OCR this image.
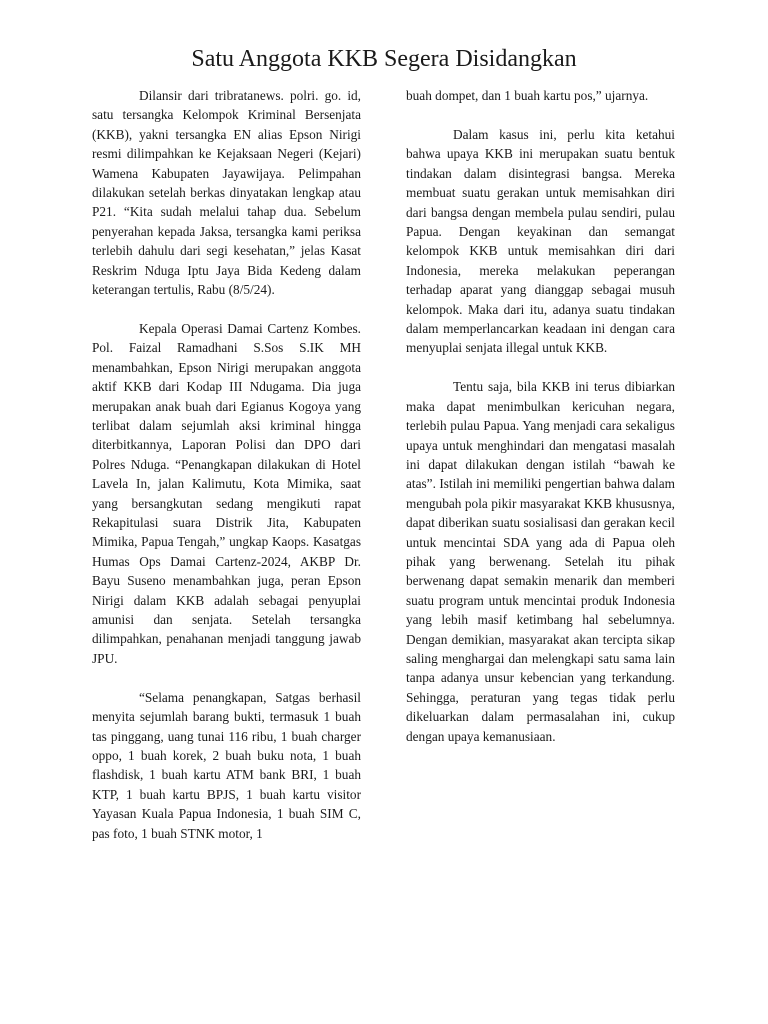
Satu Anggota KKB Segera Disidangkan

Dilansir dari tribratanews. polri. go. id, satu tersangka Kelompok Kriminal Bersenjata (KKB), yakni tersangka EN alias Epson Nirigi resmi dilimpahkan ke Kejaksaan Negeri (Kejari) Wamena Kabupaten Jayawijaya. Pelimpahan dilakukan setelah berkas dinyatakan lengkap atau P21. “Kita sudah melalui tahap dua. Sebelum penyerahan kepada Jaksa, tersangka kami periksa terlebih dahulu dari segi kesehatan,” jelas Kasat Reskrim Nduga Iptu Jaya Bida Kedeng dalam keterangan tertulis, Rabu (8/5/24).

Kepala Operasi Damai Cartenz Kombes. Pol. Faizal Ramadhani S.Sos S.IK MH menambahkan, Epson Nirigi merupakan anggota aktif KKB dari Kodap III Ndugama. Dia juga merupakan anak buah dari Egianus Kogoya yang terlibat dalam sejumlah aksi kriminal hingga diterbitkannya, Laporan Polisi dan DPO dari Polres Nduga. “Penangkapan dilakukan di Hotel Lavela In, jalan Kalimutu, Kota Mimika, saat yang bersangkutan sedang mengikuti rapat Rekapitulasi suara Distrik Jita, Kabupaten Mimika, Papua Tengah,” ungkap Kaops. Kasatgas Humas Ops Damai Cartenz-2024, AKBP Dr. Bayu Suseno menambahkan juga, peran Epson Nirigi dalam KKB adalah sebagai penyuplai amunisi dan senjata. Setelah tersangka dilimpahkan, penahanan menjadi tanggung jawab JPU.

“Selama penangkapan, Satgas berhasil menyita sejumlah barang bukti, termasuk 1 buah tas pinggang, uang tunai 116 ribu, 1 buah charger oppo, 1 buah korek, 2 buah buku nota, 1 buah flashdisk, 1 buah kartu ATM bank BRI, 1 buah KTP, 1 buah kartu BPJS, 1 buah kartu visitor Yayasan Kuala Papua Indonesia, 1 buah SIM C, pas foto, 1 buah STNK motor, 1

buah dompet, dan 1 buah kartu pos,” ujarnya.

Dalam kasus ini, perlu kita ketahui bahwa upaya KKB ini merupakan suatu bentuk tindakan dalam disintegrasi bangsa. Mereka membuat suatu gerakan untuk memisahkan diri dari bangsa dengan membela pulau sendiri, pulau Papua. Dengan keyakinan dan semangat kelompok KKB untuk memisahkan diri dari Indonesia, mereka melakukan peperangan terhadap aparat yang dianggap sebagai musuh kelompok. Maka dari itu, adanya suatu tindakan dalam memperlancarkan keadaan ini dengan cara menyuplai senjata illegal untuk KKB.

Tentu saja, bila KKB ini terus dibiarkan maka dapat menimbulkan kericuhan negara, terlebih pulau Papua. Yang menjadi cara sekaligus upaya untuk menghindari dan mengatasi masalah ini dapat dilakukan dengan istilah “bawah ke atas”. Istilah ini memiliki pengertian bahwa dalam mengubah pola pikir masyarakat KKB khususnya, dapat diberikan suatu sosialisasi dan gerakan kecil untuk mencintai SDA yang ada di Papua oleh pihak yang berwenang. Setelah itu pihak berwenang dapat semakin menarik dan memberi suatu program untuk mencintai produk Indonesia yang lebih masif ketimbang hal sebelumnya. Dengan demikian, masyarakat akan tercipta sikap saling menghargai dan melengkapi satu sama lain tanpa adanya unsur kebencian yang terkandung. Sehingga, peraturan yang tegas tidak perlu dikeluarkan dalam permasalahan ini, cukup dengan upaya kemanusiaan.
